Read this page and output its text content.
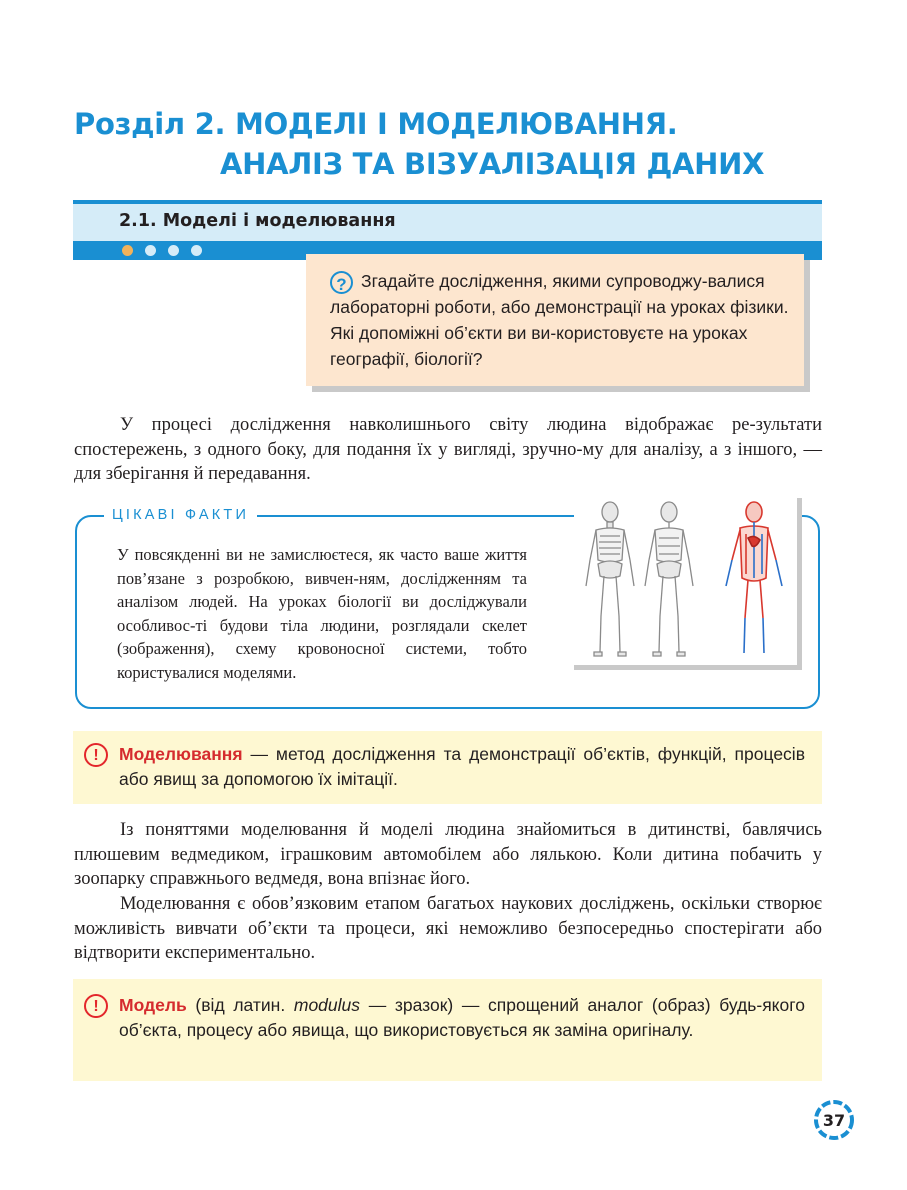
Розділ 2. МОДЕЛІ І МОДЕЛЮВАННЯ.
АНАЛІЗ ТА ВІЗУАЛІЗАЦІЯ ДАНИХ
2.1. Моделі і моделювання
? Згадайте дослідження, якими супроводжу-валися лабораторні роботи, або демонстрації на уроках фізики. Які допоміжні об’єкти ви ви-користовуєте на уроках географії, біології?
У процесі дослідження навколишнього світу людина відображає ре-зультати спостережень, з одного боку, для подання їх у вигляді, зручно-му для аналізу, а з іншого, — для зберігання й передавання.
ЦІКАВІ ФАКТИ
У повсякденні ви не замислюєтеся, як часто ваше життя пов’язане з розробкою, вивчен-ням, дослідженням та аналізом людей. На уроках біології ви досліджували особливос-ті будови тіла людини, розглядали скелет (зображення), схему кровоносної системи, тобто користувалися моделями.
!	Моделювання — метод дослідження та демонстрації об’єктів, функцій, процесів або явищ за допомогою їх імітації.
Із поняттями моделювання й моделі людина знайомиться в дитинстві, бавлячись плюшевим ведмедиком, іграшковим автомобілем або лялькою. Коли дитина побачить у зоопарку справжнього ведмедя, вона впізнає його.
Моделювання є обов’язковим етапом багатьох наукових досліджень, оскільки створює можливість вивчати об’єкти та процеси, які неможливо безпосередньо спостерігати або відтворити експериментально.
!	Модель (від латин. modulus — зразок) — спрощений аналог (образ) будь-якого об’єкта, процесу або явища, що використовується як заміна оригіналу.
37
